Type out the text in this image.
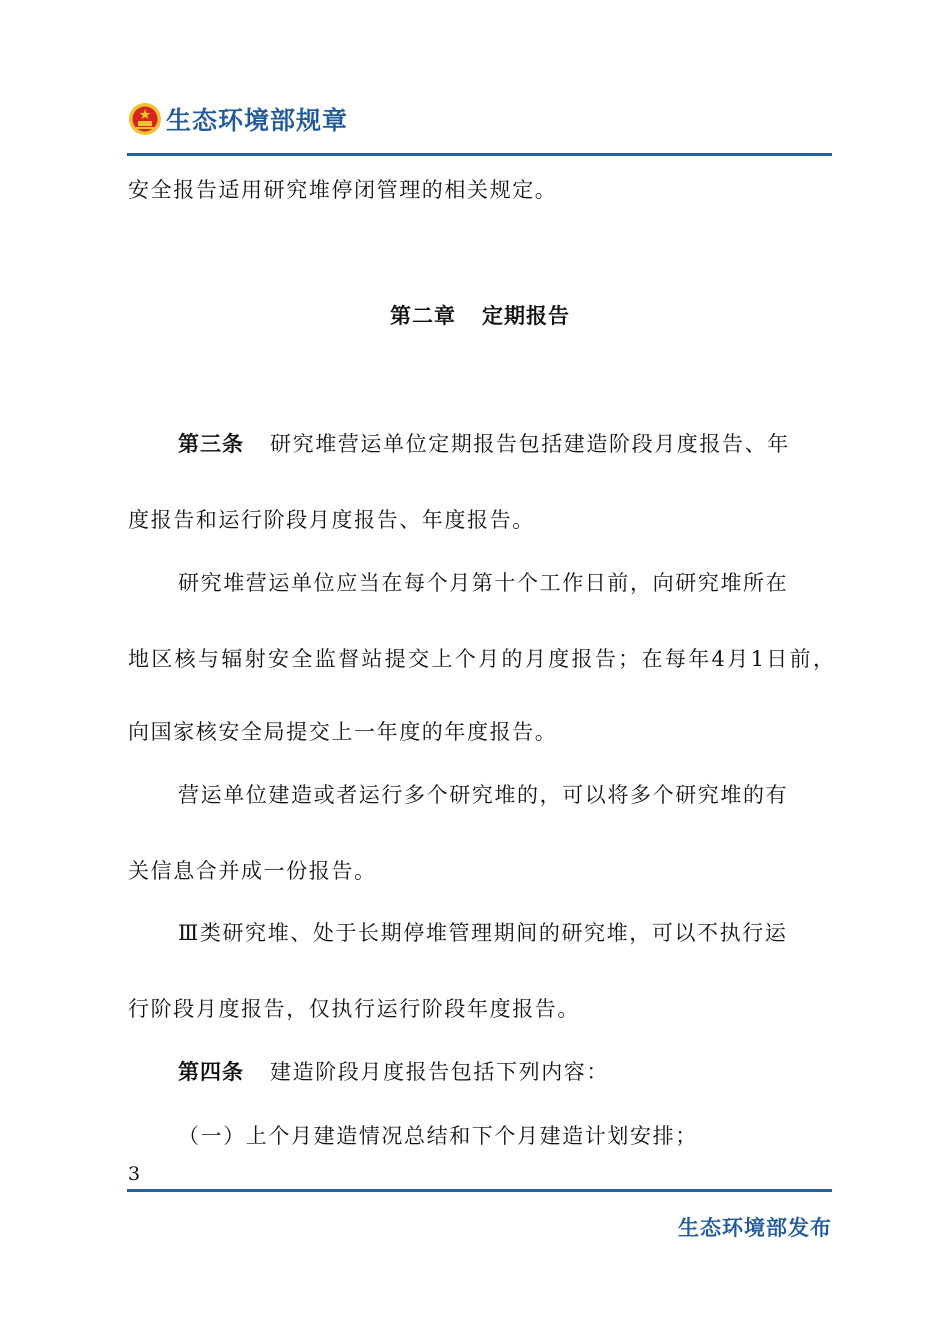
生态环境部规章
安全报告适用研究堆停闭管理的相关规定。
第二章 定期报告
第三条 研究堆营运单位定期报告包括建造阶段月度报告、年
度报告和运行阶段月度报告、年度报告。
研究堆营运单位应当在每个月第十个工作日前，向研究堆所在
地区核与辐射安全监督站提交上个月的月度报告；在每年4月1日前，
向国家核安全局提交上一年度的年度报告。
营运单位建造或者运行多个研究堆的，可以将多个研究堆的有
关信息合并成一份报告。
Ⅲ类研究堆、处于长期停堆管理期间的研究堆，可以不执行运
行阶段月度报告，仅执行运行阶段年度报告。
第四条 建造阶段月度报告包括下列内容：
（一）上个月建造情况总结和下个月建造计划安排；
3
生态环境部发布
